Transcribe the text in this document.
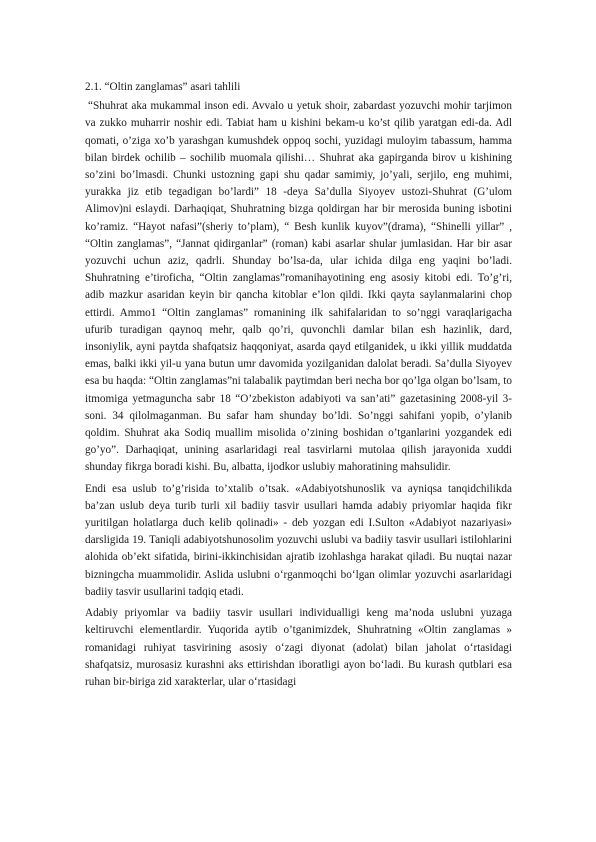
2.1. “Oltin zanglamas” asari tahlili

“Shuhrat aka mukammal inson edi. Avvalo u yetuk shoir, zabardast yozuvchi mohir tarjimon va zukko muharrir noshir edi. Tabiat ham u kishini bekam-u ko’st qilib yaratgan edi-da. Adl qomati, o’ziga xo’b yarashgan kumushdek oppoq sochi, yuzidagi muloyim tabassum, hamma bilan birdek ochilib – sochilib muomala qilishi… Shuhrat aka gapirganda birov u kishining so’zini bo’lmasdi. Chunki ustozning gapi shu qadar samimiy, jo’yali, serjilo, eng muhimi, yurakka jiz etib tegadigan bo’lardi” 18 -deya Sa’dulla Siyoyev ustozi-Shuhrat (G’ulom Alimov)ni eslaydi. Darhaqiqat, Shuhratning bizga qoldirgan har bir merosida buning isbotini ko’ramiz. “Hayot nafasi”(sheriy to’plam), “ Besh kunlik kuyov”(drama), “Shinelli yillar” , “Oltin zanglamas”, “Jannat qidirganlar” (roman) kabi asarlar shular jumlasidan. Har bir asar yozuvchi uchun aziz, qadrli. Shunday bo’lsa-da, ular ichida dilga eng yaqini bo’ladi. Shuhratning e’tiroficha, “Oltin zanglamas”romanihayotining eng asosiy kitobi edi. To’g’ri, adib mazkur asaridan keyin bir qancha kitoblar e’lon qildi. Ikki qayta saylanmalarini chop ettirdi. Ammo1 “Oltin zanglamas” romanining ilk sahifalaridan to so’nggi varaqlarigacha ufurib turadigan qaynoq mehr, qalb qo’ri, quvonchli damlar bilan esh hazinlik, dard, insoniylik, ayni paytda shafqatsiz haqqoniyat, asarda qayd etilganidek, u ikki yillik muddatda emas, balki ikki yil-u yana butun umr davomida yozilganidan dalolat beradi. Sa’dulla Siyoyev esa bu haqda: “Oltin zanglamas”ni talabalik paytimdan beri necha bor qo’lga olgan bo’lsam, to itmomiga yetmaguncha sabr 18 “O’zbekiston adabiyoti va san’ati” gazetasining 2008-yil 3-soni. 34 qilolmaganman. Bu safar ham shunday bo’ldi. So’nggi sahifani yopib, o’ylanib qoldim. Shuhrat aka Sodiq muallim misolida o’zining boshidan o’tganlarini yozgandek edi go’yo”. Darhaqiqat, unining asarlaridagi real tasvirlarni mutolaa qilish jarayonida xuddi shunday fikrga boradi kishi. Bu, albatta, ijodkor uslubiy mahoratining mahsulidir.

Endi esa uslub to’g’risida to’xtalib o’tsak. «Adabiyotshunoslik va ayniqsa tanqidchilikda ba’zan uslub deya turib turli xil badiiy tasvir usullari hamda adabiy priyomlar haqida fikr yuritilgan holatlarga duch kelib qolinadi» - deb yozgan edi I.Sulton «Adabiyot nazariyasi» darsligida 19. Taniqli adabiyotshunosolim yozuvchi uslubi va badiiy tasvir usullari istilohlarini alohida ob’ekt sifatida, birini-ikkinchisidan ajratib izohlashga harakat qiladi. Bu nuqtai nazar bizningcha muammolidir. Aslida uslubni o‘rganmoqchi bo‘lgan olimlar yozuvchi asarlaridagi badiiy tasvir usullarini tadqiq etadi.

Adabiy priyomlar va badiiy tasvir usullari individualligi keng ma’noda uslubni yuzaga keltiruvchi elementlardir. Yuqorida aytib o’tganimizdek, Shuhratning «Oltin zanglamas » romanidagi ruhiyat tasvirining asosiy o‘zagi diyonat (adolat) bilan jaholat o‘rtasidagi shafqatsiz, murosasiz kurashni aks ettirishdan iboratligi ayon bo‘ladi. Bu kurash qutblari esa ruhan bir-biriga zid xarakterlar, ular o‘rtasidagi
